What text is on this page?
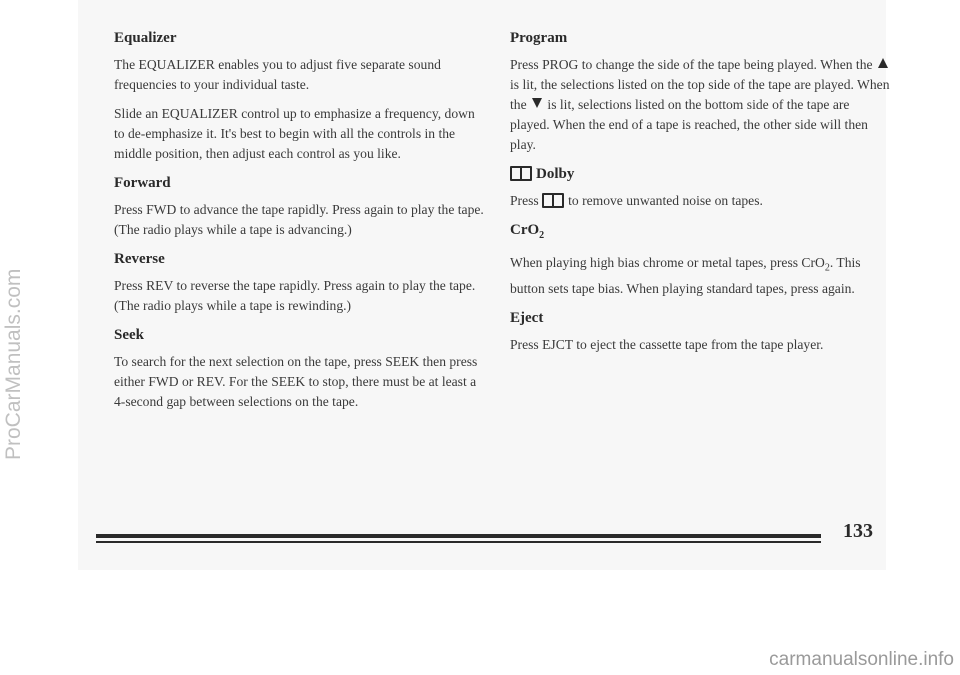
Equalizer

The EQUALIZER enables you to adjust five separate sound frequencies to your individual taste.

Slide an EQUALIZER control up to emphasize a frequency, down to de-emphasize it. It's best to begin with all the controls in the middle position, then adjust each control as you like.

Forward

Press FWD to advance the tape rapidly. Press again to play the tape. (The radio plays while a tape is advancing.)

Reverse

Press REV to reverse the tape rapidly. Press again to play the tape. (The radio plays while a tape is rewinding.)

Seek

To search for the next selection on the tape, press SEEK then press either FWD or REV. For the SEEK to stop, there must be at least a 4-second gap between selections on the tape.

Program

Press PROG to change the side of the tape being played. When the  is lit, the selections listed on the top side of the tape are played. When the is lit, selections listed on the bottom side of the tape are played. When the end of a tape is reached, the other side will then play.

Dolby

Press to remove unwanted noise on tapes.

CrO$_2$

When playing high bias chrome or metal tapes, press CrO$_2$. This button sets tape bias. When playing standard tapes, press again.

Eject

Press EJCT to eject the cassette tape from the tape player.

133
ProCarManuals.com
carmanualsonline.info
